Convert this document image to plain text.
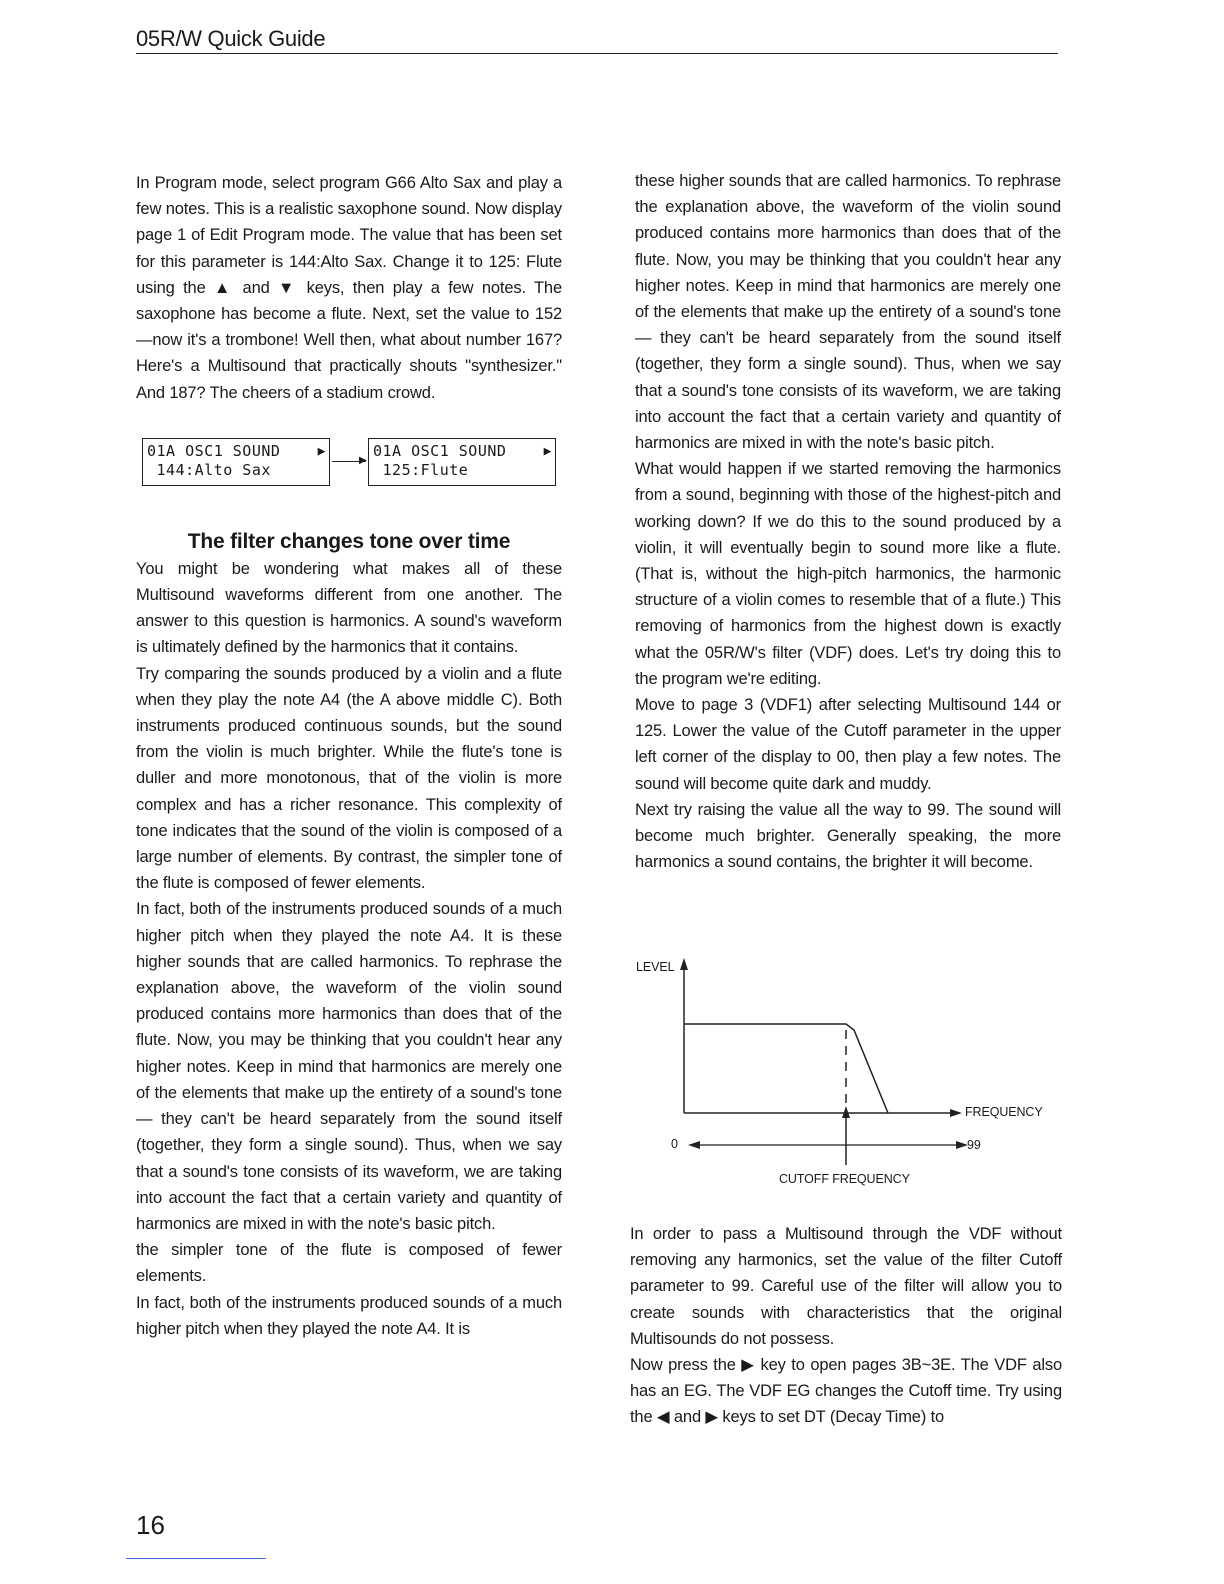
05R/W Quick Guide

In Program mode, select program G66 Alto Sax and play a few notes. This is a realistic saxophone sound. Now display page 1 of Edit Program mode. The value that has been set for this parameter is 144:Alto Sax. Change it to 125: Flute using the ▲ and ▼ keys, then play a few notes. The saxophone has become a flute. Next, set the value to 152—now it's a trombone! Well then, what about number 167? Here's a Multisound that practically shouts "synthesizer." And 187? The cheers of a stadium crowd.

01A OSC1 SOUND
144:Alto Sax
▶
▶
01A OSC1 SOUND
125:Flute
▶
The filter changes tone over time

You might be wondering what makes all of these Multisound waveforms different from one another. The answer to this question is harmonics. A sound's waveform is ultimately defined by the harmonics that it contains.

Try comparing the sounds produced by a violin and a flute when they play the note A4 (the A above middle C). Both instruments produced continuous sounds, but the sound from the violin is much brighter. While the flute's tone is duller and more monotonous, that of the violin is more complex and has a richer resonance. This complexity of tone indicates that the sound of the violin is composed of a large number of elements. By contrast, the simpler tone of the flute is composed of fewer elements.

In fact, both of the instruments produced sounds of a much higher pitch when they played the note A4. It is these higher sounds that are called harmonics. To rephrase the explanation above, the waveform of the violin sound produced contains more harmonics than does that of the flute. Now, you may be thinking that you couldn't hear any higher notes. Keep in mind that harmonics are merely one of the elements that make up the entirety of a sound's tone — they can't be heard separately from the sound itself (together, they form a single sound). Thus, when we say that a sound's tone consists of its waveform, we are taking into account the fact that a certain variety and quantity of harmonics are mixed in with the note's basic pitch.

the simpler tone of the flute is composed of fewer elements.

In fact, both of the instruments produced sounds of a much higher pitch when they played the note A4. It is

these higher sounds that are called harmonics. To rephrase the explanation above, the waveform of the violin sound produced contains more harmonics than does that of the flute. Now, you may be thinking that you couldn't hear any higher notes. Keep in mind that harmonics are merely one of the elements that make up the entirety of a sound's tone — they can't be heard separately from the sound itself (together, they form a single sound). Thus, when we say that a sound's tone consists of its waveform, we are taking into account the fact that a certain variety and quantity of harmonics are mixed in with the note's basic pitch.

What would happen if we started removing the harmonics from a sound, beginning with those of the highest-pitch and working down? If we do this to the sound produced by a violin, it will eventually begin to sound more like a flute. (That is, without the high-pitch harmonics, the harmonic structure of a violin comes to resemble that of a flute.) This removing of harmonics from the highest down is exactly what the 05R/W's filter (VDF) does. Let's try doing this to the program we're editing.

Move to page 3 (VDF1) after selecting Multisound 144 or 125. Lower the value of the Cutoff parameter in the upper left corner of the display to 00, then play a few notes. The sound will become quite dark and muddy.

Next try raising the value all the way to 99. The sound will become much brighter. Generally speaking, the more harmonics a sound contains, the brighter it will become.

LEVEL
FREQUENCY
0	99
CUTOFF FREQUENCY

In order to pass a Multisound through the VDF without removing any harmonics, set the value of the filter Cutoff parameter to 99. Careful use of the filter will allow you to create sounds with characteristics that the original Multisounds do not possess.

Now press the ▶ key to open pages 3B~3E. The VDF also has an EG. The VDF EG changes the Cutoff time. Try using the ◀ and ▶ keys to set DT (Decay Time) to

16
